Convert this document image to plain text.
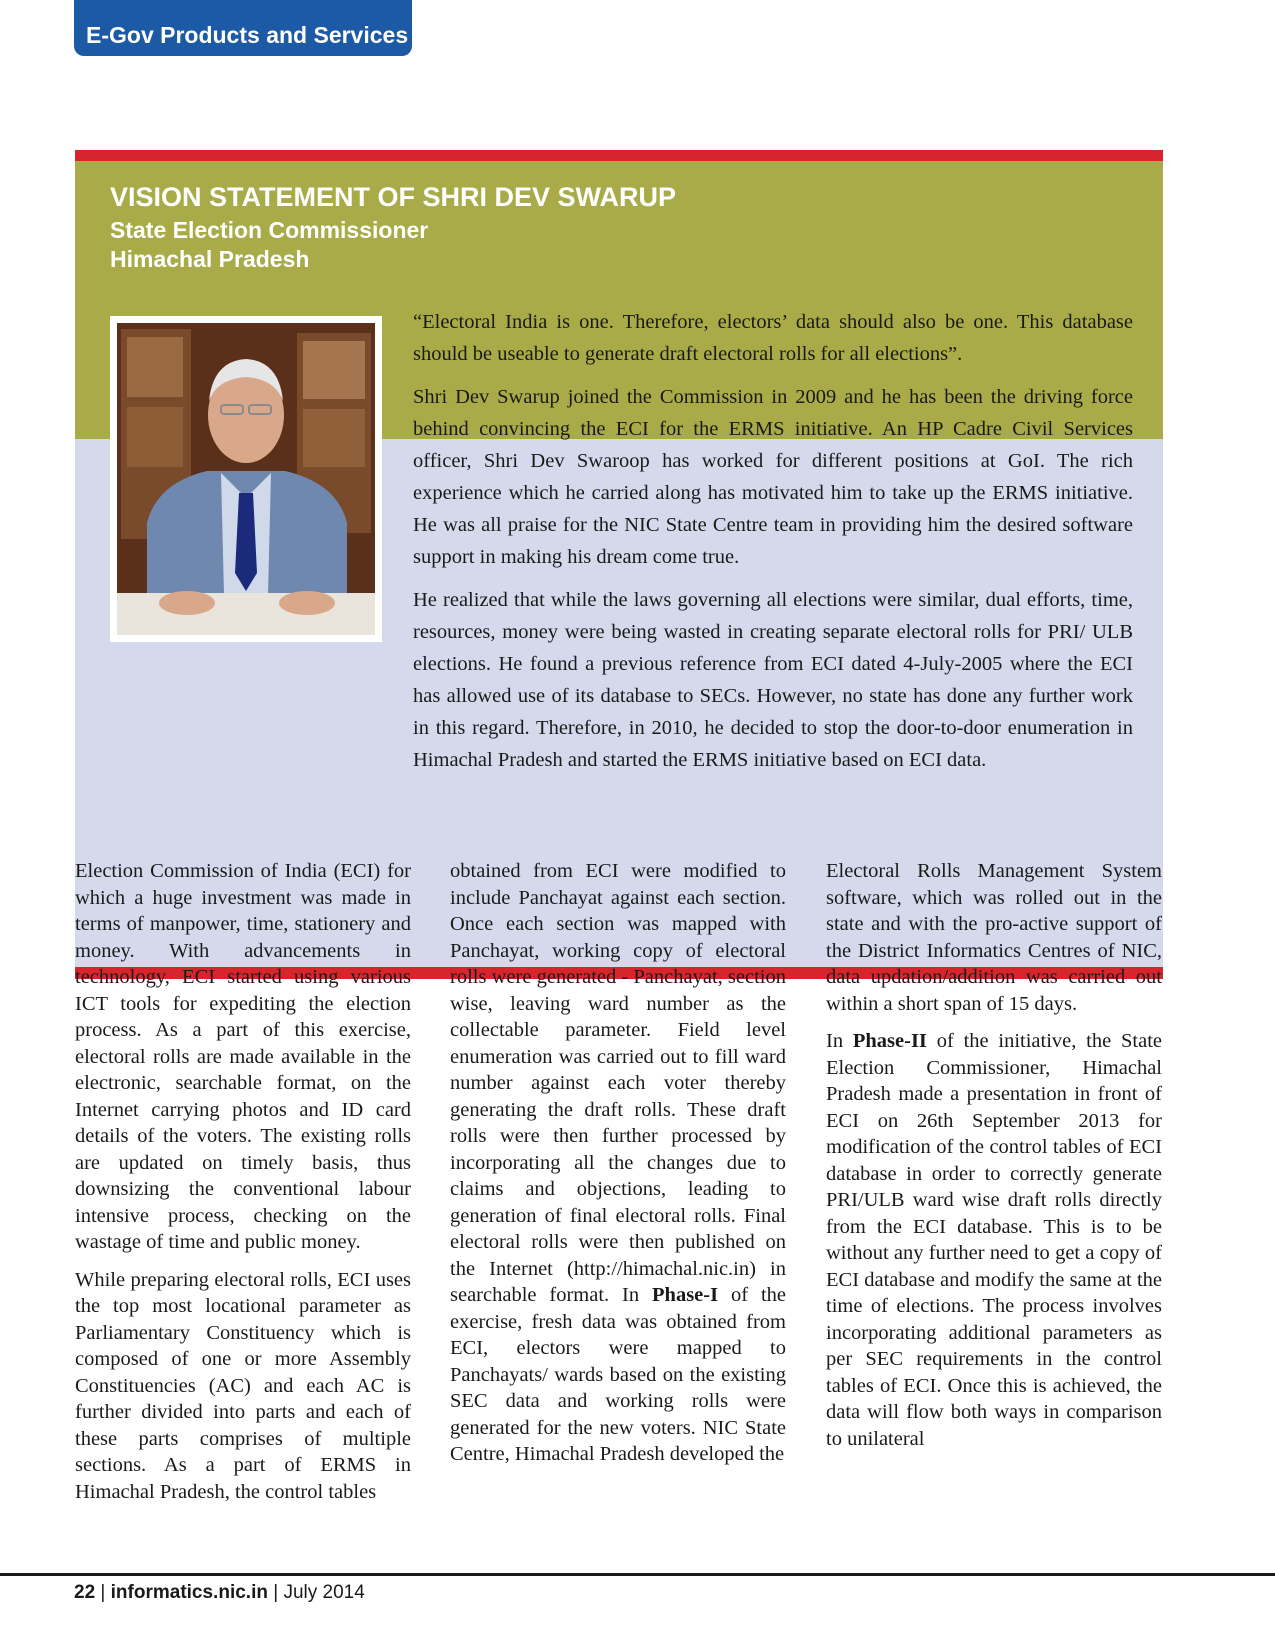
E-Gov Products and Services
VISION STATEMENT OF SHRI DEV SWARUP
State Election Commissioner
Himachal Pradesh

“Electoral India is one. Therefore, electors’ data should also be one. This database should be useable to generate draft electoral rolls for all elections”.

Shri Dev Swarup joined the Commission in 2009 and he has been the driving force behind convincing the ECI for the ERMS initiative. An HP Cadre Civil Services officer, Shri Dev Swaroop has worked for different positions at GoI. The rich experience which he carried along has motivated him to take up the ERMS initiative. He was all praise for the NIC State Centre team in providing him the desired software support in making his dream come true.

He realized that while the laws governing all elections were similar, dual efforts, time, resources, money were being wasted in creating separate electoral rolls for PRI/ ULB elections. He found a previous reference from ECI dated 4-July-2005 where the ECI has allowed use of its database to SECs. However, no state has done any further work in this regard. Therefore, in 2010, he decided to stop the door-to-door enumeration in Himachal Pradesh and started the ERMS initiative based on ECI data.

Election Commission of India (ECI) for which a huge investment was made in terms of manpower, time, stationery and money. With advancements in technology, ECI started using various ICT tools for expediting the election process. As a part of this exercise, electoral rolls are made available in the electronic, searchable format, on the Internet carrying photos and ID card details of the voters. The existing rolls are updated on timely basis, thus downsizing the conventional labour intensive process, checking on the wastage of time and public money.

While preparing electoral rolls, ECI uses the top most locational parameter as Parliamentary Constituency which is composed of one or more Assembly Constituencies (AC) and each AC is further divided into parts and each of these parts comprises of multiple sections. As a part of ERMS in Himachal Pradesh, the control tables

obtained from ECI were modified to include Panchayat against each section. Once each section was mapped with Panchayat, working copy of electoral rolls were generated - Panchayat, section wise, leaving ward number as the collectable parameter. Field level enumeration was carried out to fill ward number against each voter thereby generating the draft rolls. These draft rolls were then further processed by incorporating all the changes due to claims and objections, leading to generation of final electoral rolls. Final electoral rolls were then published on the Internet (http://himachal.nic.in) in searchable format. In Phase-I of the exercise, fresh data was obtained from ECI, electors were mapped to Panchayats/ wards based on the existing SEC data and working rolls were generated for the new voters. NIC State Centre, Himachal Pradesh developed the

Electoral Rolls Management System software, which was rolled out in the state and with the pro-active support of the District Informatics Centres of NIC, data updation/addition was carried out within a short span of 15 days.

In Phase-II of the initiative, the State Election Commissioner, Himachal Pradesh made a presentation in front of ECI on 26th September 2013 for modification of the control tables of ECI database in order to correctly generate PRI/ULB ward wise draft rolls directly from the ECI database. This is to be without any further need to get a copy of ECI database and modify the same at the time of elections. The process involves incorporating additional parameters as per SEC requirements in the control tables of ECI. Once this is achieved, the data will flow both ways in comparison to unilateral

22 | informatics.nic.in | July 2014
